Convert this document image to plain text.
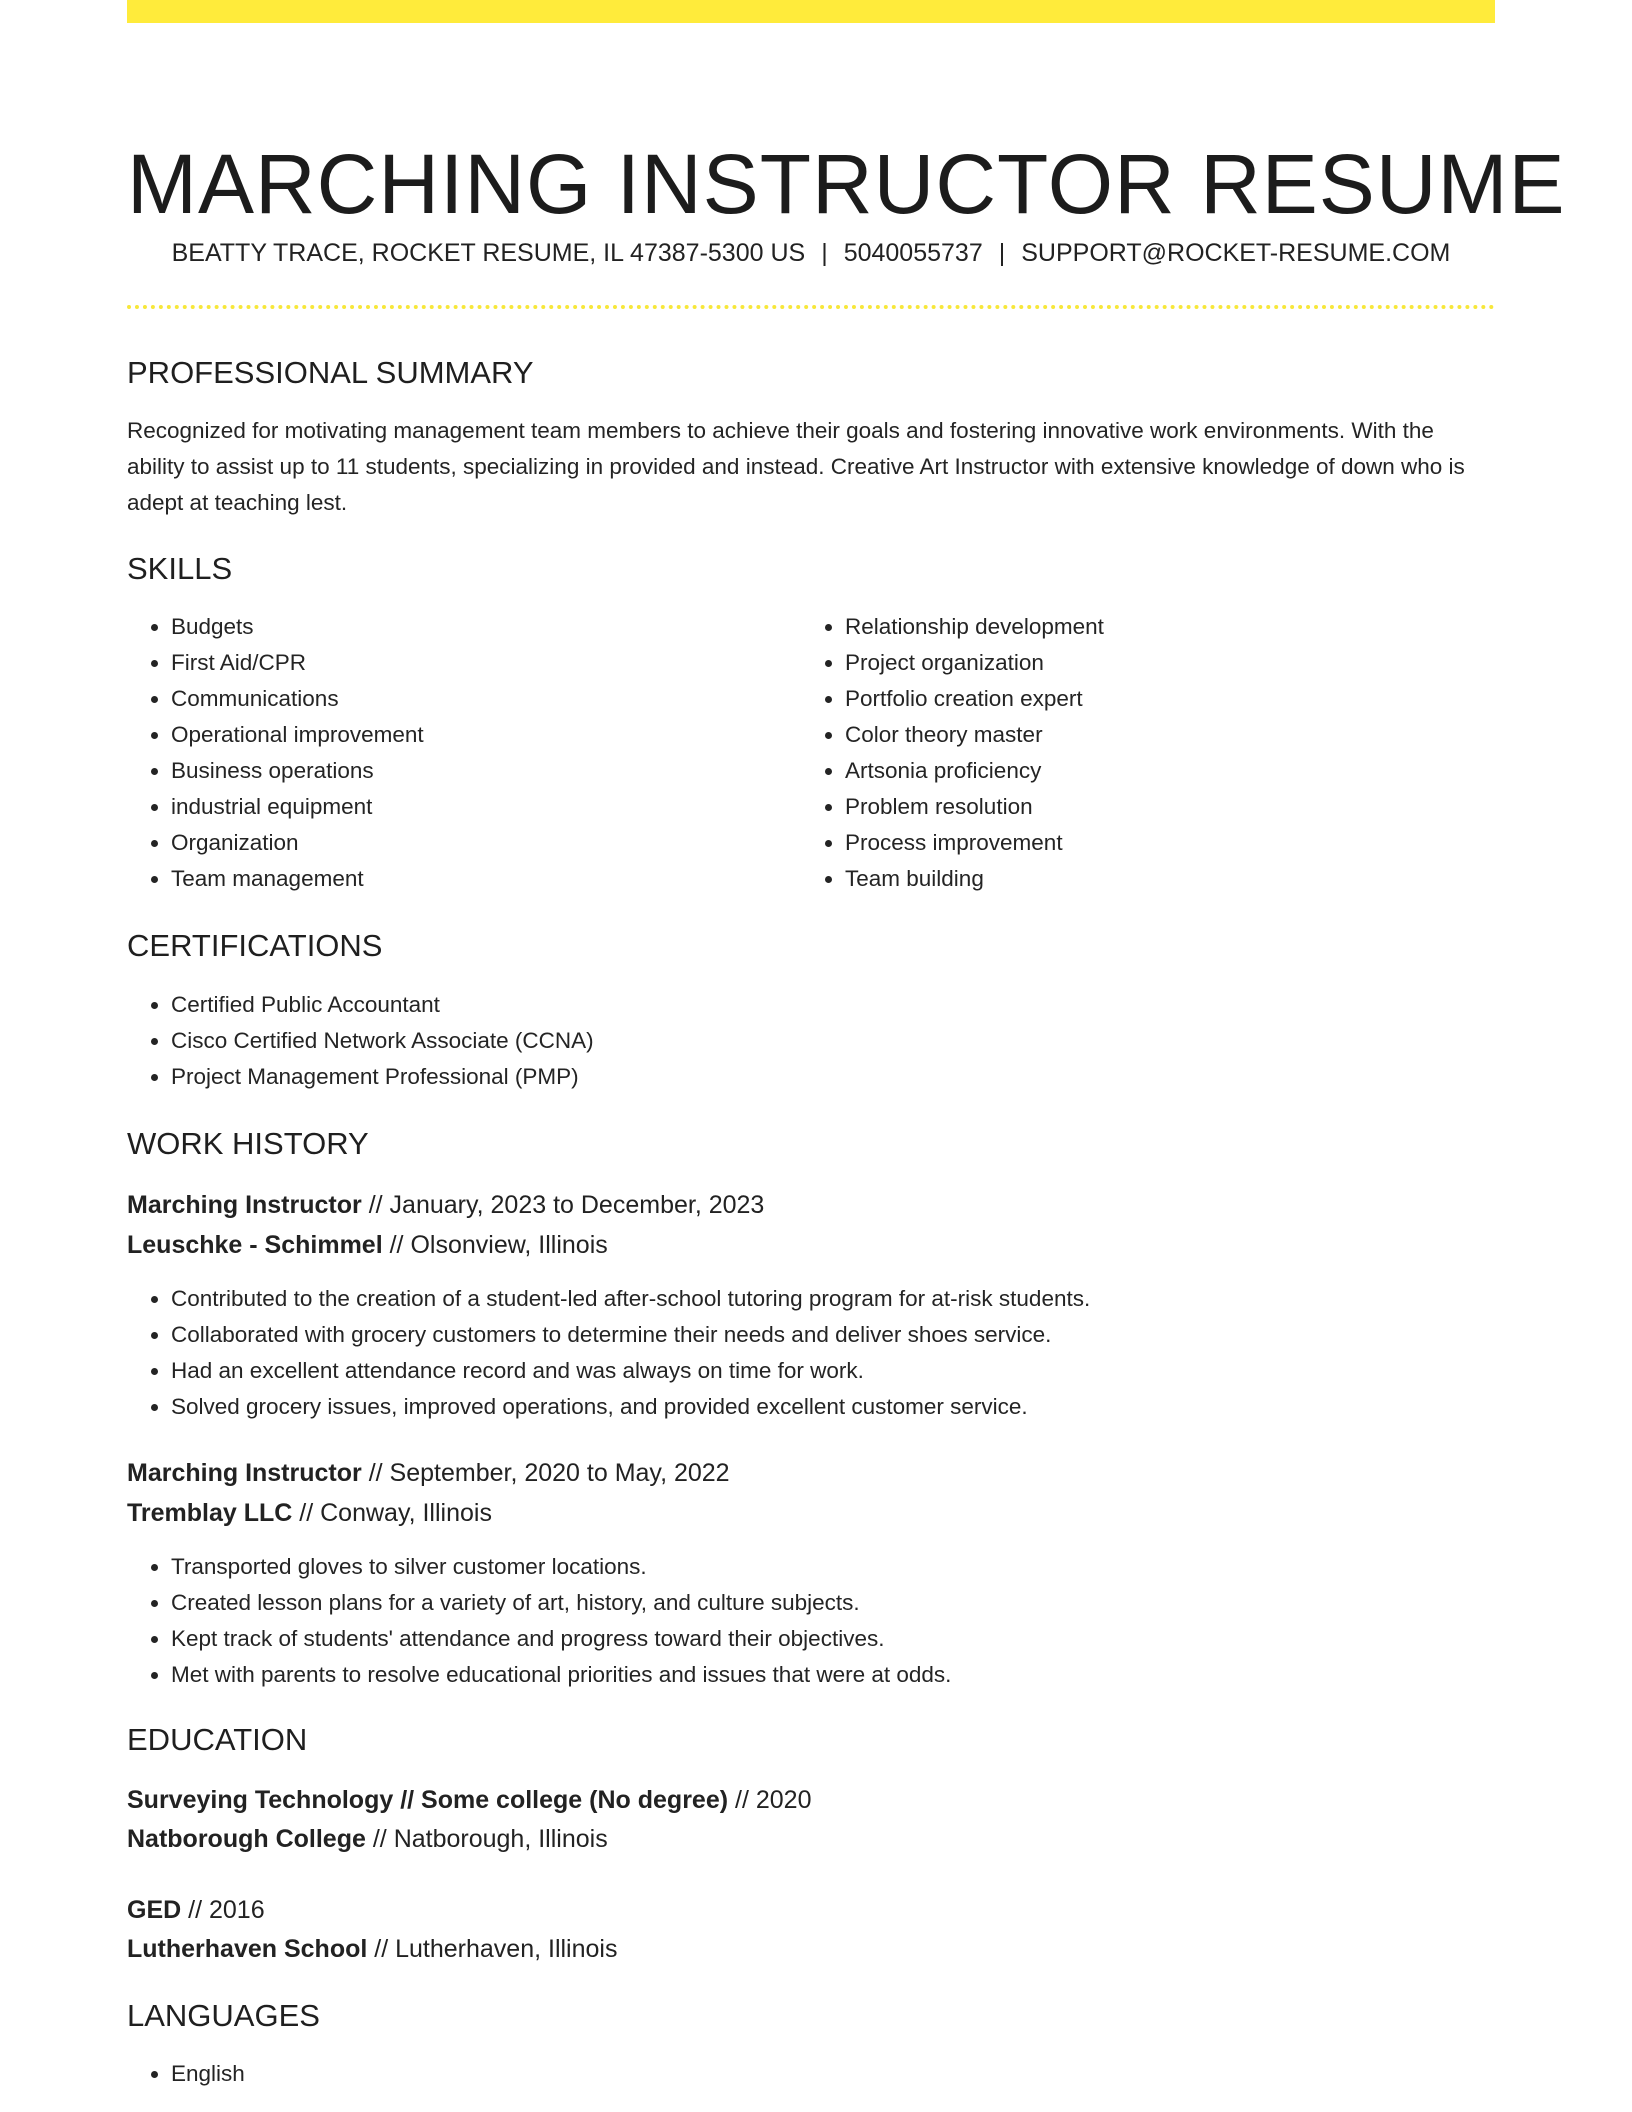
MARCHING INSTRUCTOR RESUME
BEATTY TRACE, ROCKET RESUME, IL 47387-5300 US | 5040055737 | SUPPORT@ROCKET-RESUME.COM
PROFESSIONAL SUMMARY

Recognized for motivating management team members to achieve their goals and fostering innovative work environments. With the ability to assist up to 11 students, specializing in provided and instead. Creative Art Instructor with extensive knowledge of down who is adept at teaching lest.

SKILLS
• Budgets
• First Aid/CPR
• Communications
• Operational improvement
• Business operations
• industrial equipment
• Organization
• Team management
• Relationship development
• Project organization
• Portfolio creation expert
• Color theory master
• Artsonia proficiency
• Problem resolution
• Process improvement
• Team building
CERTIFICATIONS
• Certified Public Accountant
• Cisco Certified Network Associate (CCNA)
• Project Management Professional (PMP)
WORK HISTORY
Marching Instructor // January, 2023 to December, 2023
Leuschke - Schimmel // Olsonview, Illinois
• Contributed to the creation of a student-led after-school tutoring program for at-risk students.
• Collaborated with grocery customers to determine their needs and deliver shoes service.
• Had an excellent attendance record and was always on time for work.
• Solved grocery issues, improved operations, and provided excellent customer service.
Marching Instructor // September, 2020 to May, 2022
Tremblay LLC // Conway, Illinois
• Transported gloves to silver customer locations.
• Created lesson plans for a variety of art, history, and culture subjects.
• Kept track of students' attendance and progress toward their objectives.
• Met with parents to resolve educational priorities and issues that were at odds.
EDUCATION
Surveying Technology // Some college (No degree) // 2020
Natborough College // Natborough, Illinois
GED // 2016
Lutherhaven School // Lutherhaven, Illinois
LANGUAGES
• English
